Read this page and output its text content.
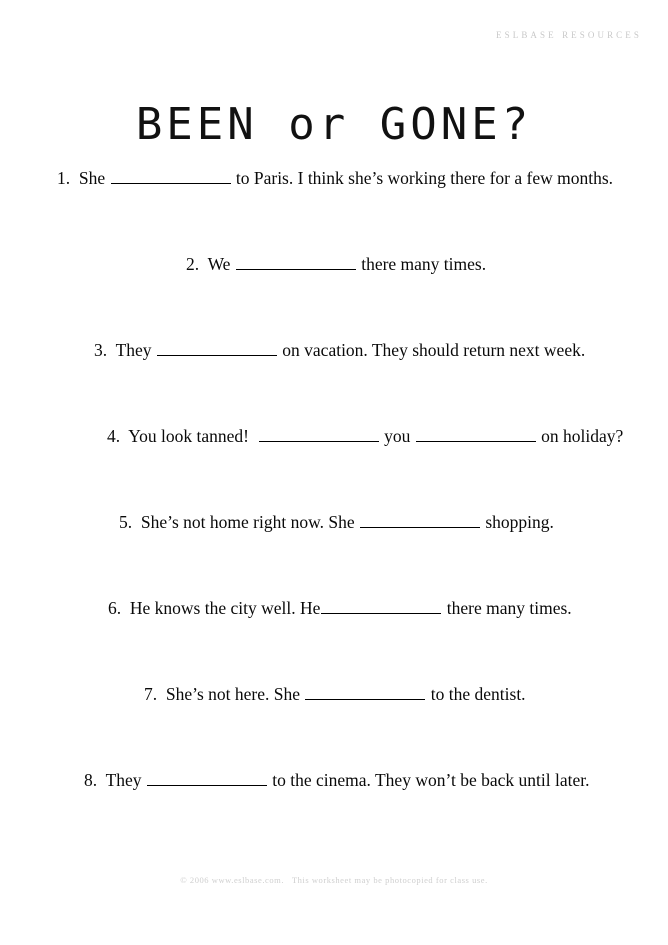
ESLBASE RESOURCES
BEEN or GONE?
1. She	to Paris. I think she’s working there for a few months.
2. We	there many times.
3. They	on vacation. They should return next week.
4. You look tanned!	you	on holiday?
5. She’s not home right now. She	shopping.
6. He knows the city well. He	there many times.
7. She’s not here. She	to the dentist.
8. They	to the cinema. They won’t be back until later.
© 2006 www.eslbase.com.   This worksheet may be photocopied for class use.
